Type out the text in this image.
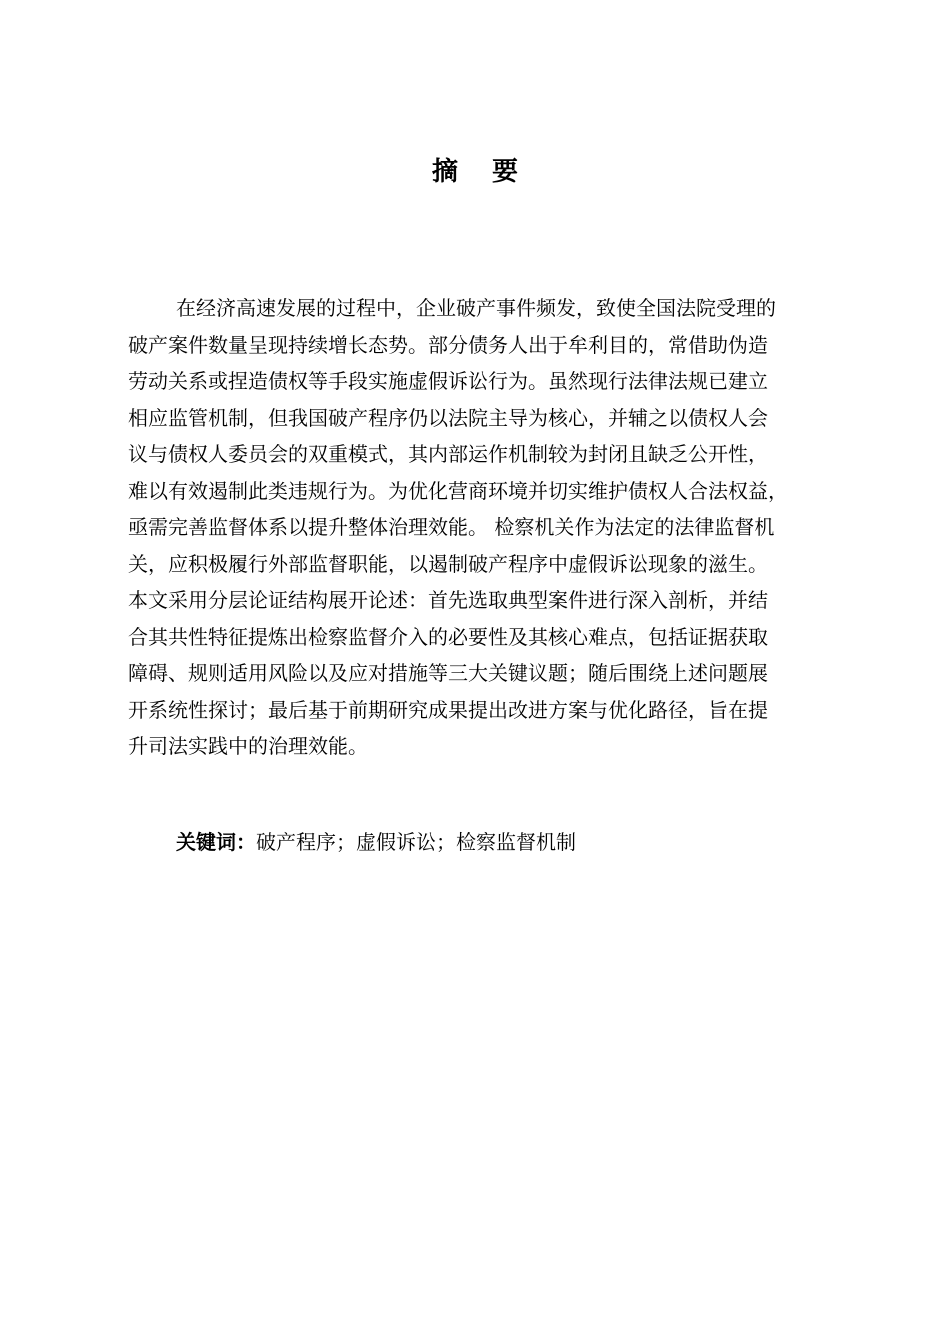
摘 要
在经济高速发展的过程中，企业破产事件频发，致使全国法院受理的
破产案件数量呈现持续增长态势。部分债务人出于牟利目的，常借助伪造
劳动关系或捏造债权等手段实施虚假诉讼行为。虽然现行法律法规已建立
相应监管机制，但我国破产程序仍以法院主导为核心，并辅之以债权人会
议与债权人委员会的双重模式，其内部运作机制较为封闭且缺乏公开性，
难以有效遏制此类违规行为。为优化营商环境并切实维护债权人合法权益，
亟需完善监督体系以提升整体治理效能。 检察机关作为法定的法律监督机
关，应积极履行外部监督职能，以遏制破产程序中虚假诉讼现象的滋生。
本文采用分层论证结构展开论述：首先选取典型案件进行深入剖析，并结
合其共性特征提炼出检察监督介入的必要性及其核心难点，包括证据获取
障碍、规则适用风险以及应对措施等三大关键议题；随后围绕上述问题展
开系统性探讨；最后基于前期研究成果提出改进方案与优化路径，旨在提
升司法实践中的治理效能。
关键词：破产程序；虚假诉讼；检察监督机制
